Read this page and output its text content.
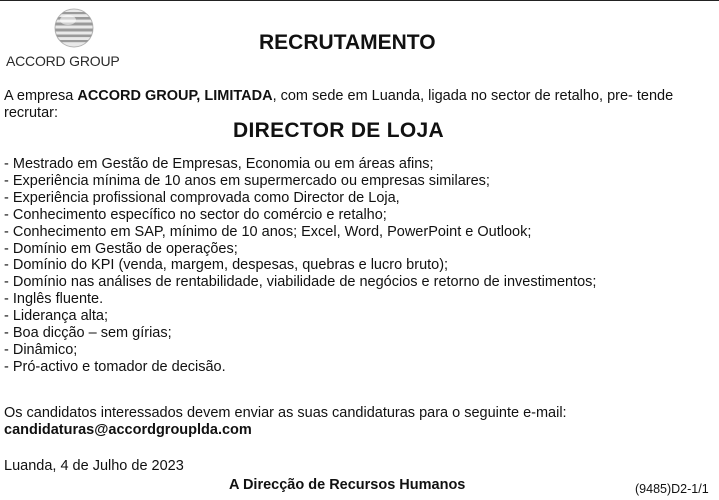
ACCORD GROUP
RECRUTAMENTO
A empresa ACCORD GROUP, LIMITADA, com sede em Luanda, ligada no sector de retalho, pre- tende recrutar:
DIRECTOR DE LOJA
- Mestrado em Gestão de Empresas, Economia ou em áreas afins;
- Experiência mínima de 10 anos em supermercado ou empresas similares;
- Experiência profissional comprovada como Director de Loja,
- Conhecimento específico no sector do comércio e retalho;
- Conhecimento em SAP, mínimo de 10 anos; Excel, Word, PowerPoint e Outlook;
- Domínio em Gestão de operações;
- Domínio do KPI (venda, margem, despesas, quebras e lucro bruto);
- Domínio nas análises de rentabilidade, viabilidade de negócios e retorno de investimentos;
- Inglês fluente.
- Liderança alta;
- Boa dicção – sem gírias;
- Dinâmico;
- Pró-activo e tomador de decisão.
Os candidatos interessados devem enviar as suas candidaturas para o seguinte e-mail:
candidaturas@accordgrouplda.com
Luanda, 4 de Julho de 2023
A Direcção de Recursos Humanos	(9485)D2-1/1
